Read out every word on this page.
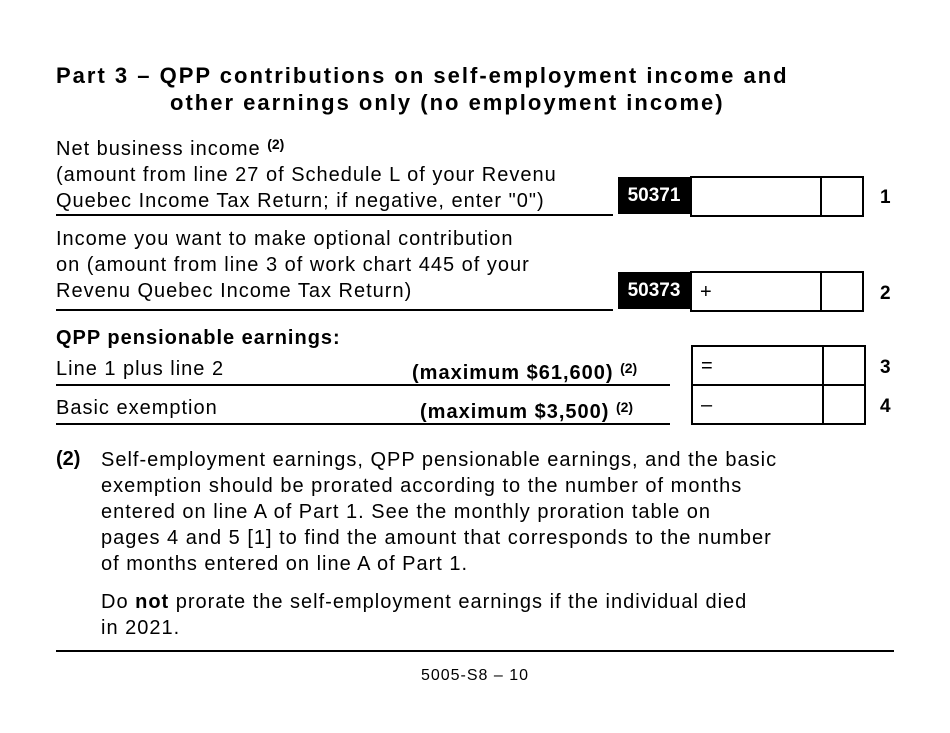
Part 3 – QPP contributions on self-employment income and
other earnings only (no employment income)
Net business income $^{(2)}$
(amount from line 27 of Schedule L of your Revenu
Quebec Income Tax Return; if negative, enter "0")	50371	1
Income you want to make optional contribution
on (amount from line 3 of work chart 445 of your
Revenu Quebec Income Tax Return)	50373 +	2
QPP pensionable earnings:
Line 1 plus line 2	(maximum $61,600) $^{(2)}$	=	3
Basic exemption	(maximum $3,500) $^{(2)}$	–	4
(2) Self-employment earnings, QPP pensionable earnings, and the basic
exemption should be prorated according to the number of months
entered on line A of Part 1. See the monthly proration table on
pages 4 and 5 [1] to find the amount that corresponds to the number
of months entered on line A of Part 1.
Do not prorate the self-employment earnings if the individual died
in 2021.
5005-S8 – 10
